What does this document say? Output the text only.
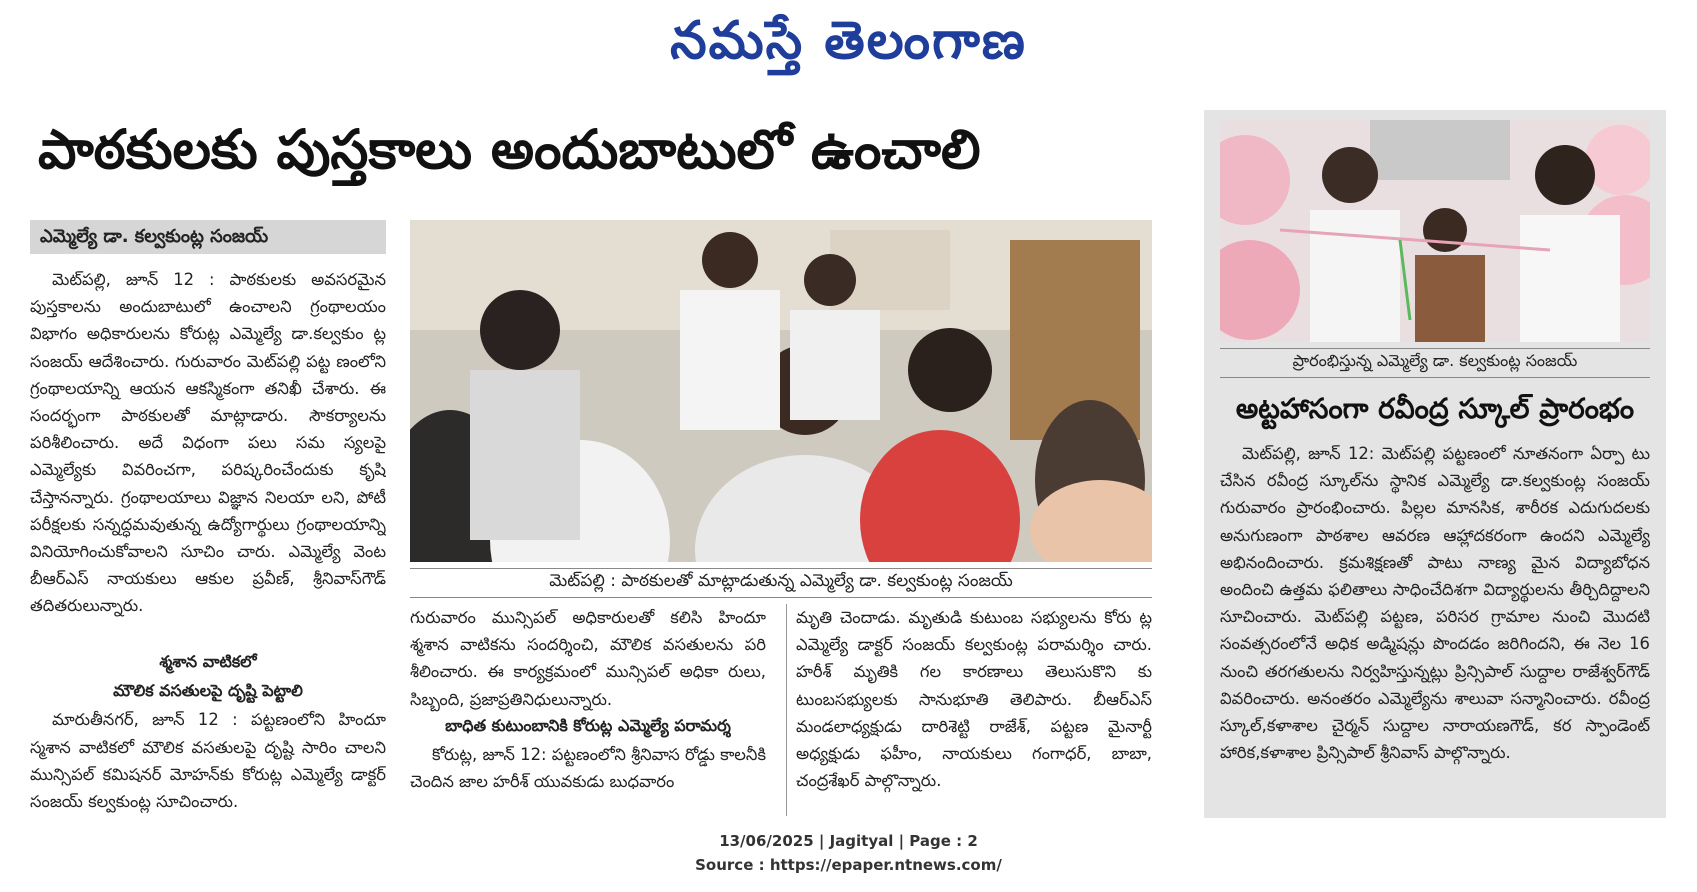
నమస్తే తెలంగాణ
పాఠకులకు పుస్తకాలు అందుబాటులో ఉంచాలి
ఎమ్మెల్యే డా. కల్వకుంట్ల సంజయ్

మెట్‌పల్లి, జూన్‌ 12 : పాఠకులకు అవసరమైన పుస్తకాలను అందుబాటులో ఉంచాలని గ్రంథాలయం విభాగం అధికారులను కోరుట్ల ఎమ్మెల్యే డా.కల్వకుం ట్ల సంజయ్‌ ఆదేశించారు. గురువారం మెట్‌పల్లి పట్ట ణంలోని గ్రంథాలయాన్ని ఆయన ఆకస్మికంగా తనిఖీ చేశారు. ఈ సందర్భంగా పాఠకులతో మాట్లాడారు. సౌకర్యాలను పరిశీలించారు. అదే విధంగా పలు సమ స్యలపై ఎమ్మెల్యేకు వివరించగా, పరిష్కరించేందుకు కృషి చేస్తానన్నారు. గ్రంథాలయాలు విజ్ఞాన నిలయా లని, పోటీ పరీక్షలకు సన్నద్ధమవుతున్న ఉద్యోగార్థులు గ్రంథాలయాన్ని వినియోగించుకోవాలని సూచిం చారు. ఎమ్మెల్యే వెంట బీఆర్‌ఎస్‌ నాయకులు ఆకుల ప్రవీణ్‌, శ్రీనివాస్‌గౌడ్‌ తదితరులున్నారు.

శ్మశాన వాటికలో
మౌలిక వసతులపై దృష్టి పెట్టాలి

మారుతీనగర్‌, జూన్‌ 12 : పట్టణంలోని హిందూ స్మశాన వాటికలో మౌలిక వసతులపై దృష్టి సారిం చాలని మున్సిపల్‌ కమిషనర్‌ మోహన్‌కు కోరుట్ల ఎమ్మెల్యే డాక్టర్‌ సంజయ్‌ కల్వకుంట్ల సూచించారు.

మెట్‌పల్లి : పాఠకులతో మాట్లాడుతున్న ఎమ్మెల్యే డా. కల్వకుంట్ల సంజయ్‌

గురువారం మున్సిపల్‌ అధికారులతో కలిసి హిందూ శ్మశాన వాటికను సందర్శించి, మౌలిక వసతులను పరి శీలించారు. ఈ కార్యక్రమంలో మున్సిపల్‌ అధికా రులు, సిబ్బంది, ప్రజాప్రతినిధులున్నారు.

బాధిత కుటుంబానికి కోరుట్ల ఎమ్మెల్యే పరామర్శ

కోరుట్ల, జూన్‌ 12: పట్టణంలోని శ్రీనివాస రోడ్డు కాలనీకి చెందిన జాల హరీశ్‌ యువకుడు బుధవారం

మృతి చెందాడు. మృతుడి కుటుంబ సభ్యులను కోరు ట్ల ఎమ్మెల్యే డాక్టర్‌ సంజయ్‌ కల్వకుంట్ల పరామర్శిం చారు. హరీశ్‌ మృతికి గల కారణాలు తెలుసుకొని కు టుంబసభ్యులకు సానుభూతి తెలిపారు. బీఆర్‌ఎస్‌ మండలాధ్యక్షుడు దారిశెట్టి రాజేశ్‌, పట్టణ మైనార్టీ అధ్యక్షుడు ఫహీం, నాయకులు గంగాధర్‌, బాబా, చంద్రశేఖర్‌ పాల్గొన్నారు.

ప్రారంభిస్తున్న ఎమ్మెల్యే డా. కల్వకుంట్ల సంజయ్‌
అట్టహాసంగా రవీంద్ర స్కూల్‌ ప్రారంభం

మెట్‌పల్లి, జూన్‌ 12: మెట్‌పల్లి పట్టణంలో నూతనంగా ఏర్పా టు చేసిన రవీంద్ర స్కూల్‌ను స్థానిక ఎమ్మెల్యే డా.కల్వకుంట్ల సంజయ్‌ గురువారం ప్రారంభించారు. పిల్లల మానసిక, శారీరక ఎదుగుదలకు అనుగుణంగా పాఠశాల ఆవరణ ఆహ్లాదకరంగా ఉందని ఎమ్మెల్యే అభినందించారు. క్రమశిక్షణతో పాటు నాణ్య మైన విద్యాబోధన అందించి ఉత్తమ ఫలితాలు సాధించేదిశగా విద్యార్థులను తీర్చిదిద్దాలని సూచించారు. మెట్‌పల్లి పట్టణ, పరిసర గ్రామాల నుంచి మొదటి సంవత్సరంలోనే అధిక అడ్మిషన్లు పొందడం జరిగిందని, ఈ నెల 16 నుంచి తరగతులను నిర్వహిస్తున్నట్లు ప్రిన్సిపాల్‌ సుద్దాల రాజేశ్వర్‌గౌడ్‌ వివరించారు. అనంతరం ఎమ్మెల్యేను శాలువా సన్మానించారు. రవీంద్ర స్కూల్‌,కళాశాల చైర్మన్‌ సుద్దాల నారాయణగౌడ్‌, కర స్పాండెంట్‌ హారిక,కళాశాల ప్రిన్సిపాల్‌ శ్రీనివాస్‌ పాల్గొన్నారు.

13/06/2025 | Jagityal | Page : 2
Source : https://epaper.ntnews.com/
